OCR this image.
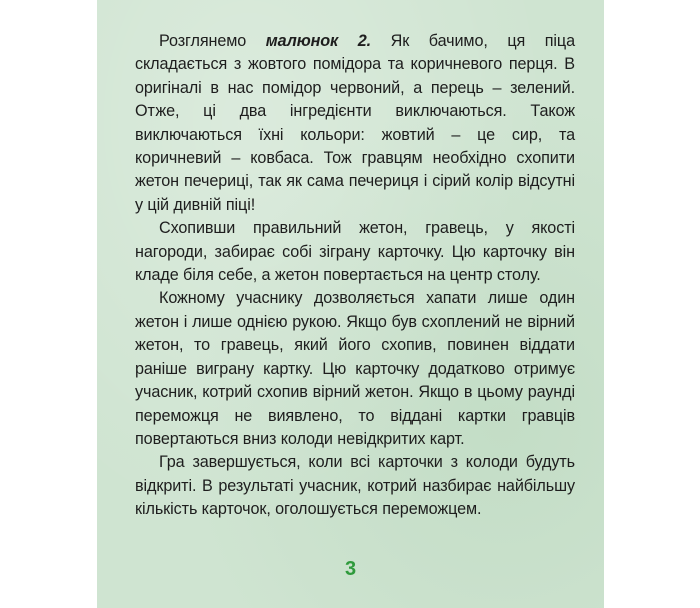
Розглянемо малюнок 2. Як бачимо, ця піца складається з жовтого помідора та коричневого перця. В оригіналі в нас помідор червоний, а перець – зелений. Отже, ці два інгредієнти виключаються. Також виключаються їхні кольори: жовтий – це сир, та коричневий – ковбаса. Тож гравцям необхідно схопити жетон печериці, так як сама печериця і сірий колір відсутні у цій дивній піці!

Схопивши правильний жетон, гравець, у якості нагороди, забирає собі зіграну карточку. Цю карточку він кладе біля себе, а жетон повертається на центр столу.

Кожному учаснику дозволяється хапати лише один жетон і лише однією рукою. Якщо був схоплений не вірний жетон, то гравець, який його схопив, повинен віддати раніше виграну картку. Цю карточку додатково отримує учасник, котрий схопив вірний жетон. Якщо в цьому раунді переможця не виявлено, то віддані картки гравців повертаються вниз колоди невідкритих карт.

Гра завершується, коли всі карточки з колоди будуть відкриті. В результаті учасник, котрий назбирає найбільшу кількість карточок, оголошується переможцем.

3
